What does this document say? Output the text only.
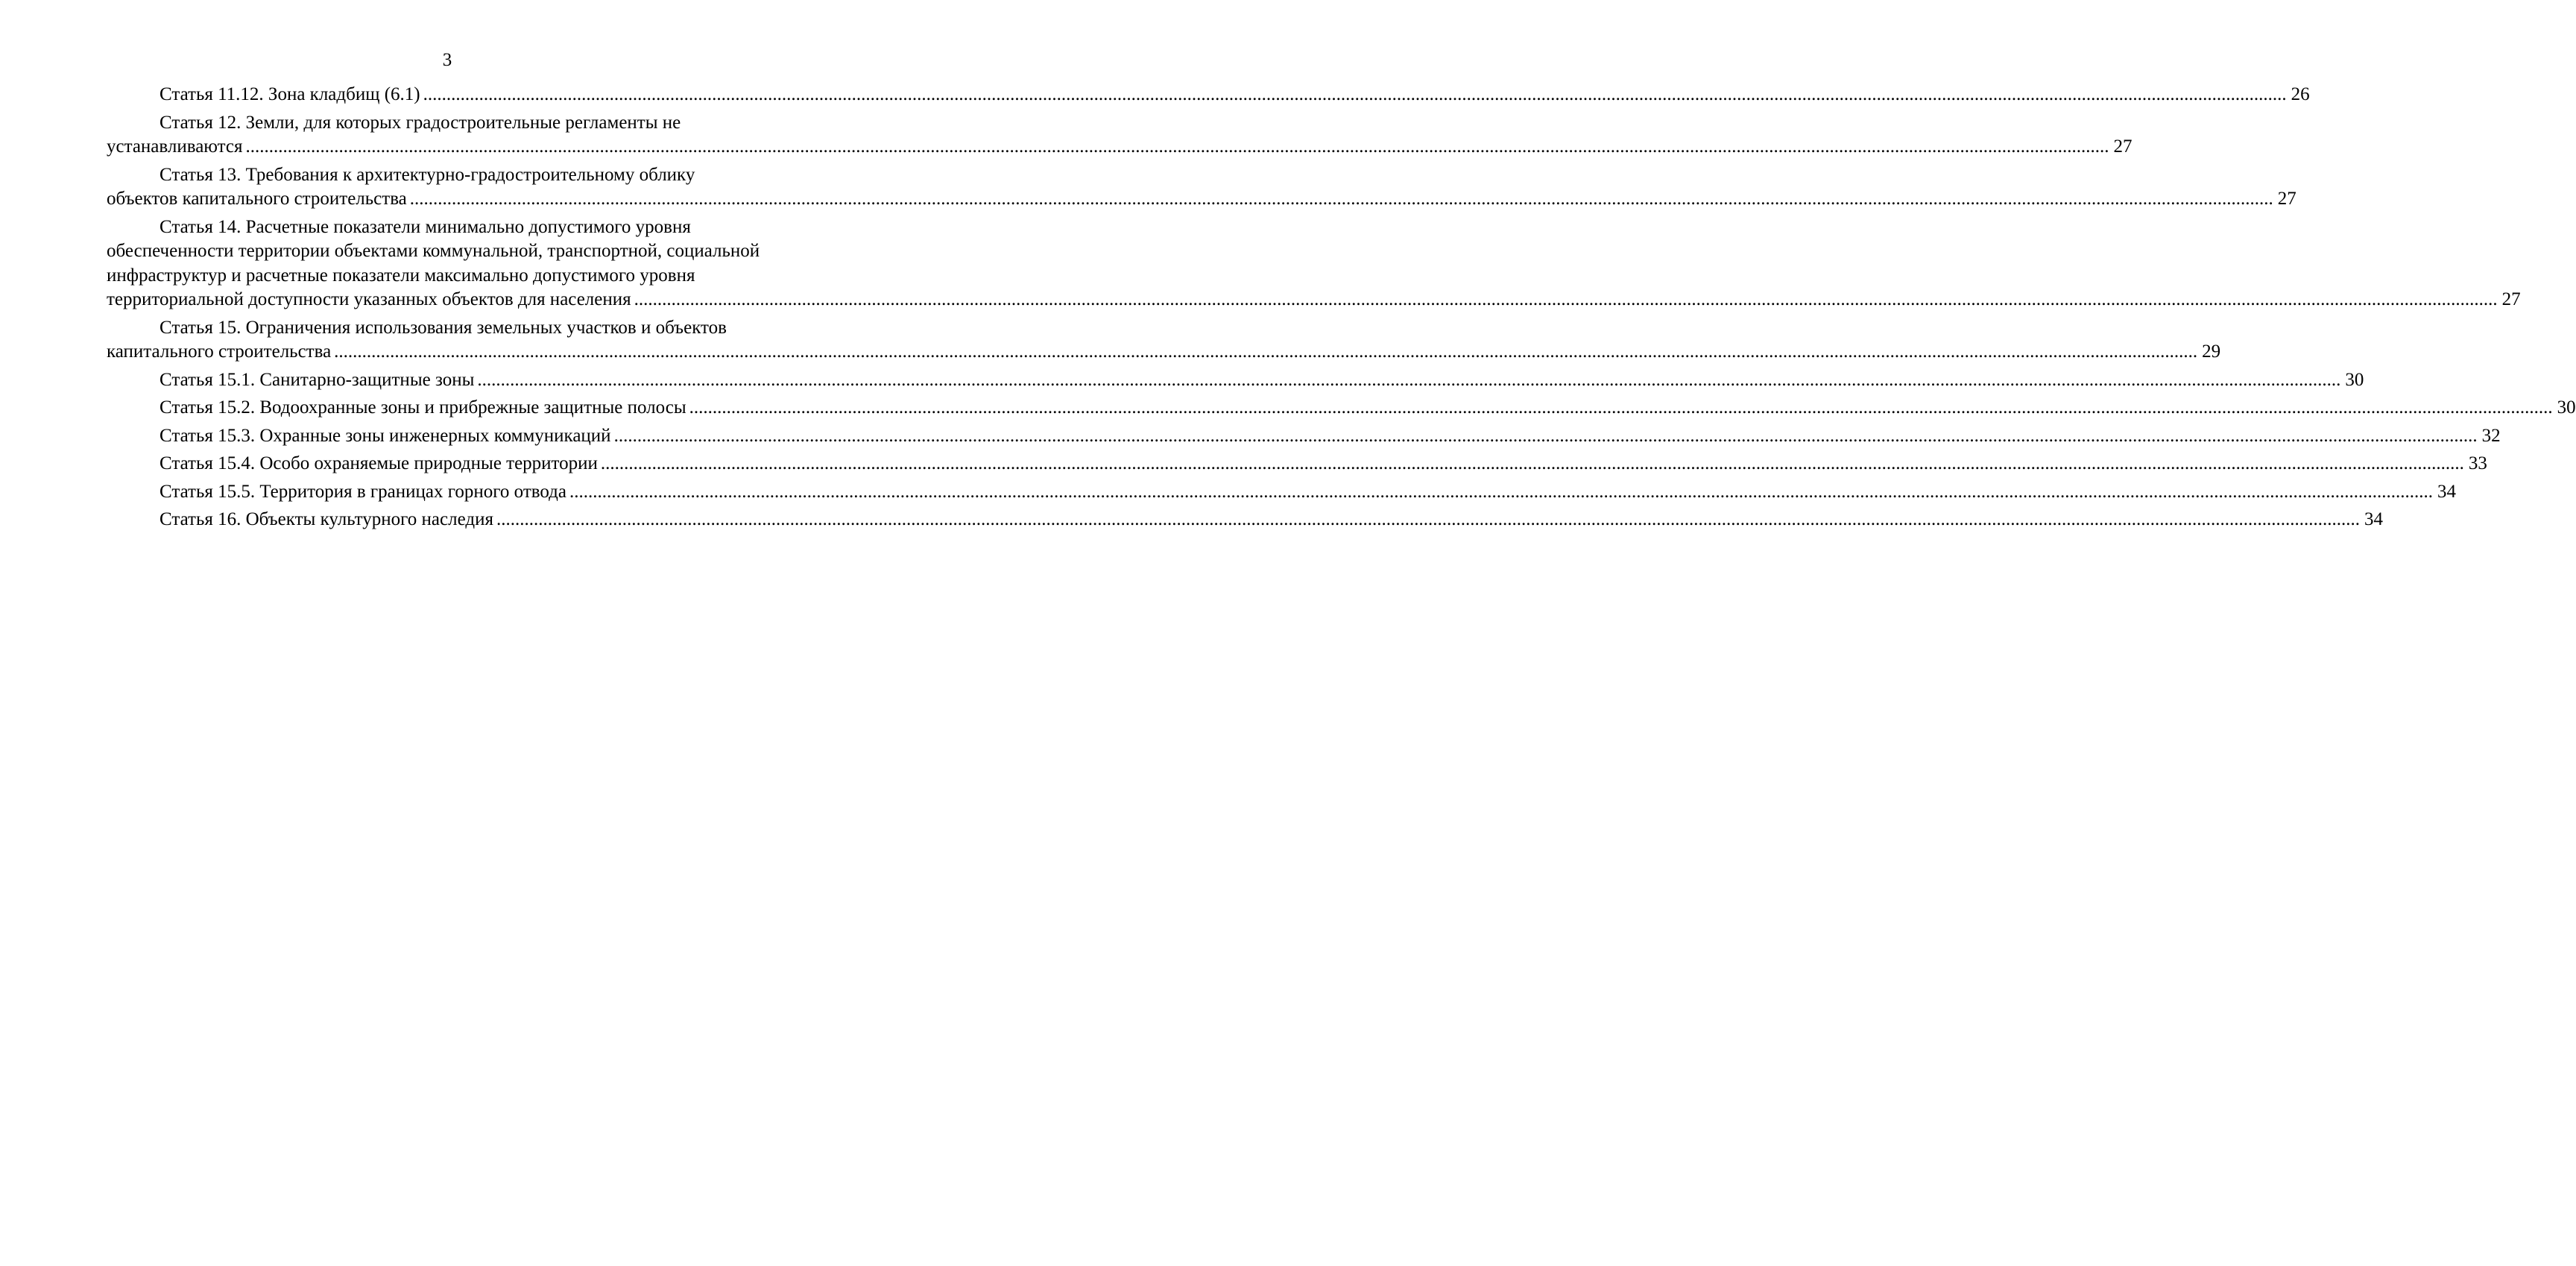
3
Статья 11.12. Зона кладбищ (6.1) ................................................................................................................................................................................................................................................................................................................................................................................................................ 26
Статья 12. Земли, для которых градостроительные регламенты не
устанавливаются ................................................................................................................................................................................................................................................................................................................................................................................................................ 27
Статья 13. Требования к архитектурно-градостроительному облику
объектов капитального строительства ................................................................................................................................................................................................................................................................................................................................................................................................................ 27
Статья 14. Расчетные показатели минимально допустимого уровня
обеспеченности территории объектами коммунальной, транспортной, социальной
инфраструктур и расчетные показатели максимально допустимого уровня
территориальной доступности указанных объектов для населения ................................................................................................................................................................................................................................................................................................................................................................................................................ 27
Статья 15. Ограничения использования земельных участков и объектов
капитального строительства ................................................................................................................................................................................................................................................................................................................................................................................................................ 29
Статья 15.1. Санитарно-защитные зоны ................................................................................................................................................................................................................................................................................................................................................................................................................ 30
Статья 15.2. Водоохранные зоны и прибрежные защитные полосы ................................................................................................................................................................................................................................................................................................................................................................................................................ 30
Статья 15.3. Охранные зоны инженерных коммуникаций ................................................................................................................................................................................................................................................................................................................................................................................................................ 32
Статья 15.4. Особо охраняемые природные территории ................................................................................................................................................................................................................................................................................................................................................................................................................ 33
Статья 15.5. Территория в границах горного отвода ................................................................................................................................................................................................................................................................................................................................................................................................................ 34
Статья 16. Объекты культурного наследия ................................................................................................................................................................................................................................................................................................................................................................................................................ 34
